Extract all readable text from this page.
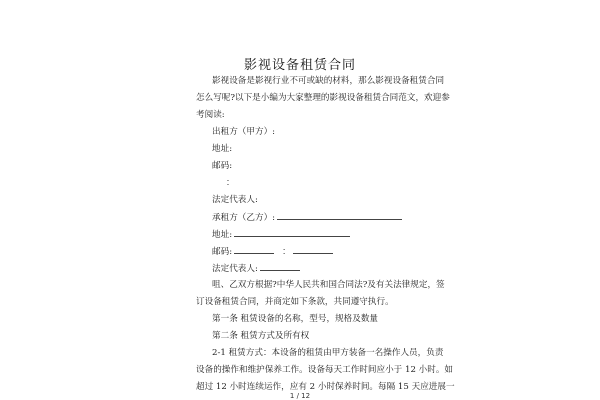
影视设备租赁合同
影视设备是影视行业不可或缺的材料，那么影视设备租赁合同
怎么写呢?以下是小编为大家整理的影视设备租赁合同范文，欢迎参
考阅读:
出租方（甲方）:
地址:
邮码:
：
法定代表人:
承租方（乙方）:
地址:
邮码:	：
法定代表人:
咀、乙双方根据?中华人民共和国合同法?及有关法律规定，签
订设备租赁合同，并商定如下条款，共同遵守执行。
第一条 租赁设备的名称，型号，规格及数量
第二条 租赁方式及所有权
2-1 租赁方式：本设备的租赁由甲方装备一名操作人员，负责
设备的操作和维护保养工作。设备每天工作时间应小于 12 小时。如
超过 12 小时连续运作，应有 2 小时保养时间。每隔 15 天应进展一
1 / 12
